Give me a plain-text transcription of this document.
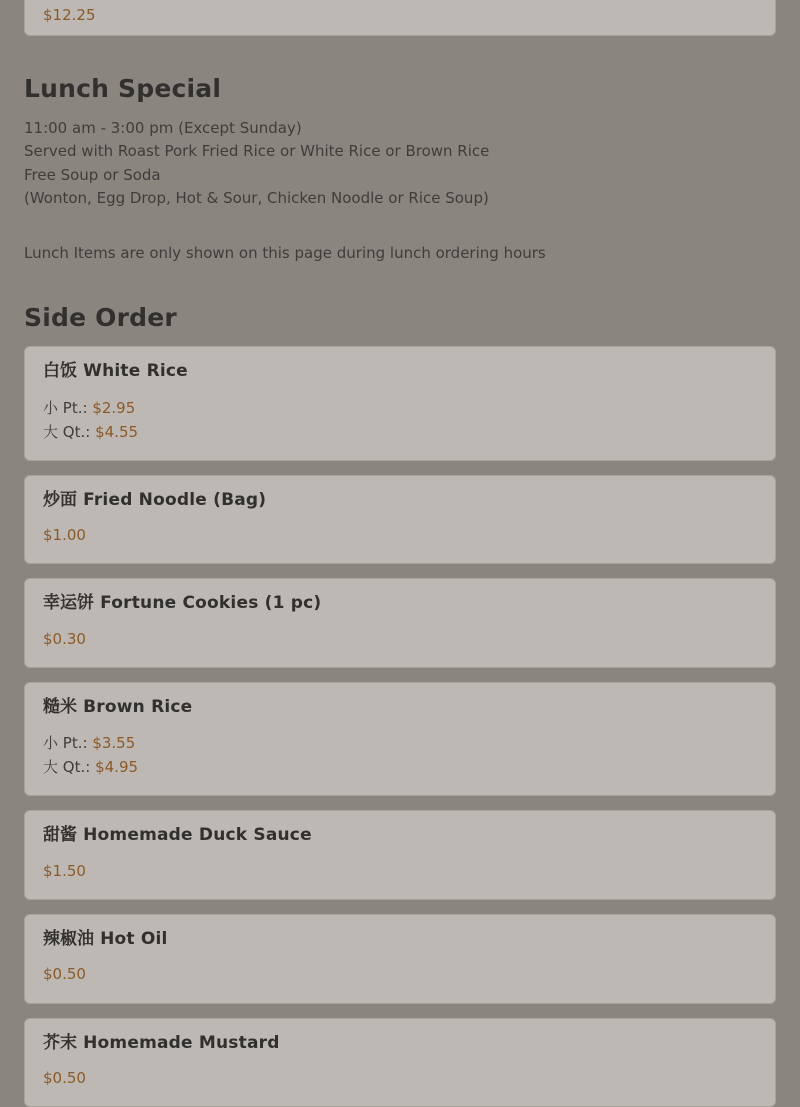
$12.25
Lunch Special
11:00 am - 3:00 pm (Except Sunday)
Served with Roast Pork Fried Rice or White Rice or Brown Rice
Free Soup or Soda
(Wonton, Egg Drop, Hot & Sour, Chicken Noodle or Rice Soup)

Lunch Items are only shown on this page during lunch ordering hours

Side Order
白饭 White Rice
小 Pt.: $2.95
大 Qt.: $4.55
炒面 Fried Noodle (Bag)
$1.00
幸运饼 Fortune Cookies (1 pc)
$0.30
糙米 Brown Rice
小 Pt.: $3.55
大 Qt.: $4.95
甜酱 Homemade Duck Sauce
$1.50
辣椒油 Hot Oil
$0.50
芥末 Homemade Mustard
$0.50
